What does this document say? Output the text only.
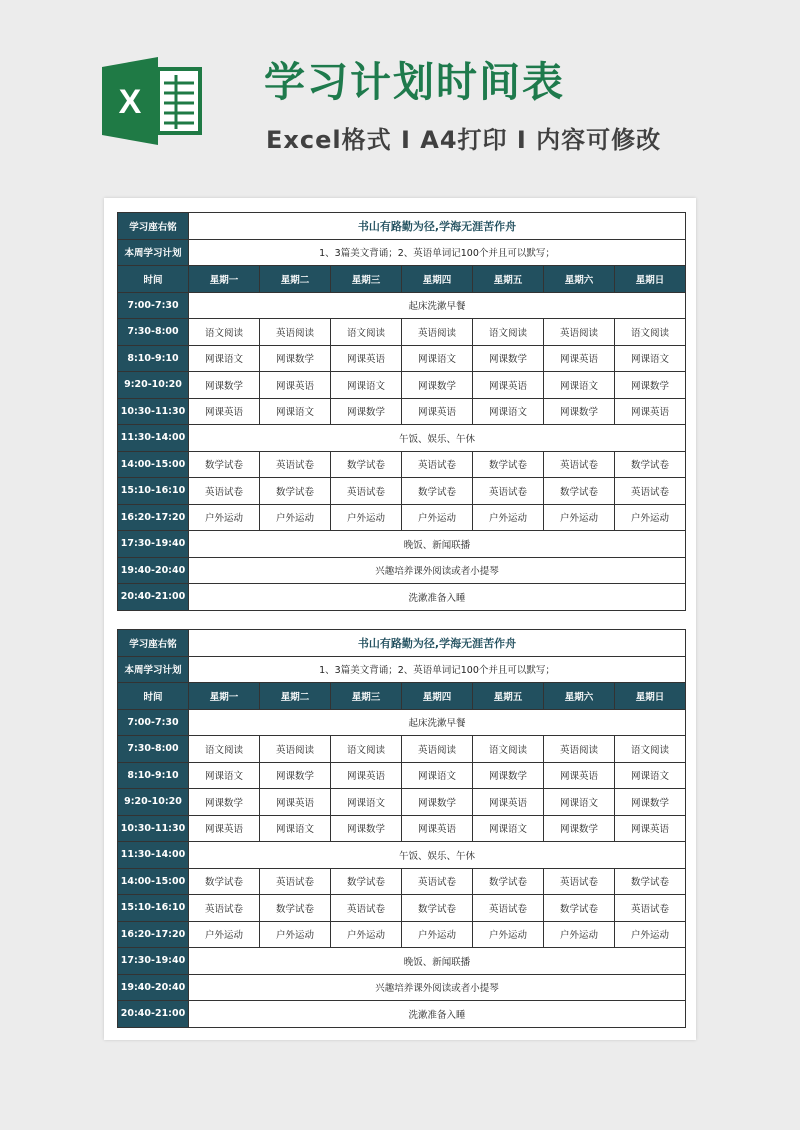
X	学习计划时间表
Excel格式 I A4打印 I 内容可修改
学习座右铭	书山有路勤为径,学海无涯苦作舟						
本周学习计划	1、3篇美文背诵；2、英语单词记100个并且可以默写；						
时间	星期一	星期二	星期三	星期四	星期五	星期六	星期日
7:00-7:30	起床洗漱早餐						
7:30-8:00	语文阅读	英语阅读	语文阅读	英语阅读	语文阅读	英语阅读	语文阅读
8:10-9:10	网课语文	网课数学	网课英语	网课语文	网课数学	网课英语	网课语文
9:20-10:20	网课数学	网课英语	网课语文	网课数学	网课英语	网课语文	网课数学
10:30-11:30	网课英语	网课语文	网课数学	网课英语	网课语文	网课数学	网课英语
11:30-14:00	午饭、娱乐、午休						
14:00-15:00	数学试卷	英语试卷	数学试卷	英语试卷	数学试卷	英语试卷	数学试卷
15:10-16:10	英语试卷	数学试卷	英语试卷	数学试卷	英语试卷	数学试卷	英语试卷
16:20-17:20	户外运动	户外运动	户外运动	户外运动	户外运动	户外运动	户外运动
17:30-19:40	晚饭、新闻联播						
19:40-20:40	兴趣培养课外阅读或者小提琴						
20:40-21:00	洗漱准备入睡						
学习座右铭	书山有路勤为径,学海无涯苦作舟						
本周学习计划	1、3篇美文背诵；2、英语单词记100个并且可以默写；						
时间	星期一	星期二	星期三	星期四	星期五	星期六	星期日
7:00-7:30	起床洗漱早餐						
7:30-8:00	语文阅读	英语阅读	语文阅读	英语阅读	语文阅读	英语阅读	语文阅读
8:10-9:10	网课语文	网课数学	网课英语	网课语文	网课数学	网课英语	网课语文
9:20-10:20	网课数学	网课英语	网课语文	网课数学	网课英语	网课语文	网课数学
10:30-11:30	网课英语	网课语文	网课数学	网课英语	网课语文	网课数学	网课英语
11:30-14:00	午饭、娱乐、午休						
14:00-15:00	数学试卷	英语试卷	数学试卷	英语试卷	数学试卷	英语试卷	数学试卷
15:10-16:10	英语试卷	数学试卷	英语试卷	数学试卷	英语试卷	数学试卷	英语试卷
16:20-17:20	户外运动	户外运动	户外运动	户外运动	户外运动	户外运动	户外运动
17:30-19:40	晚饭、新闻联播						
19:40-20:40	兴趣培养课外阅读或者小提琴						
20:40-21:00	洗漱准备入睡						
